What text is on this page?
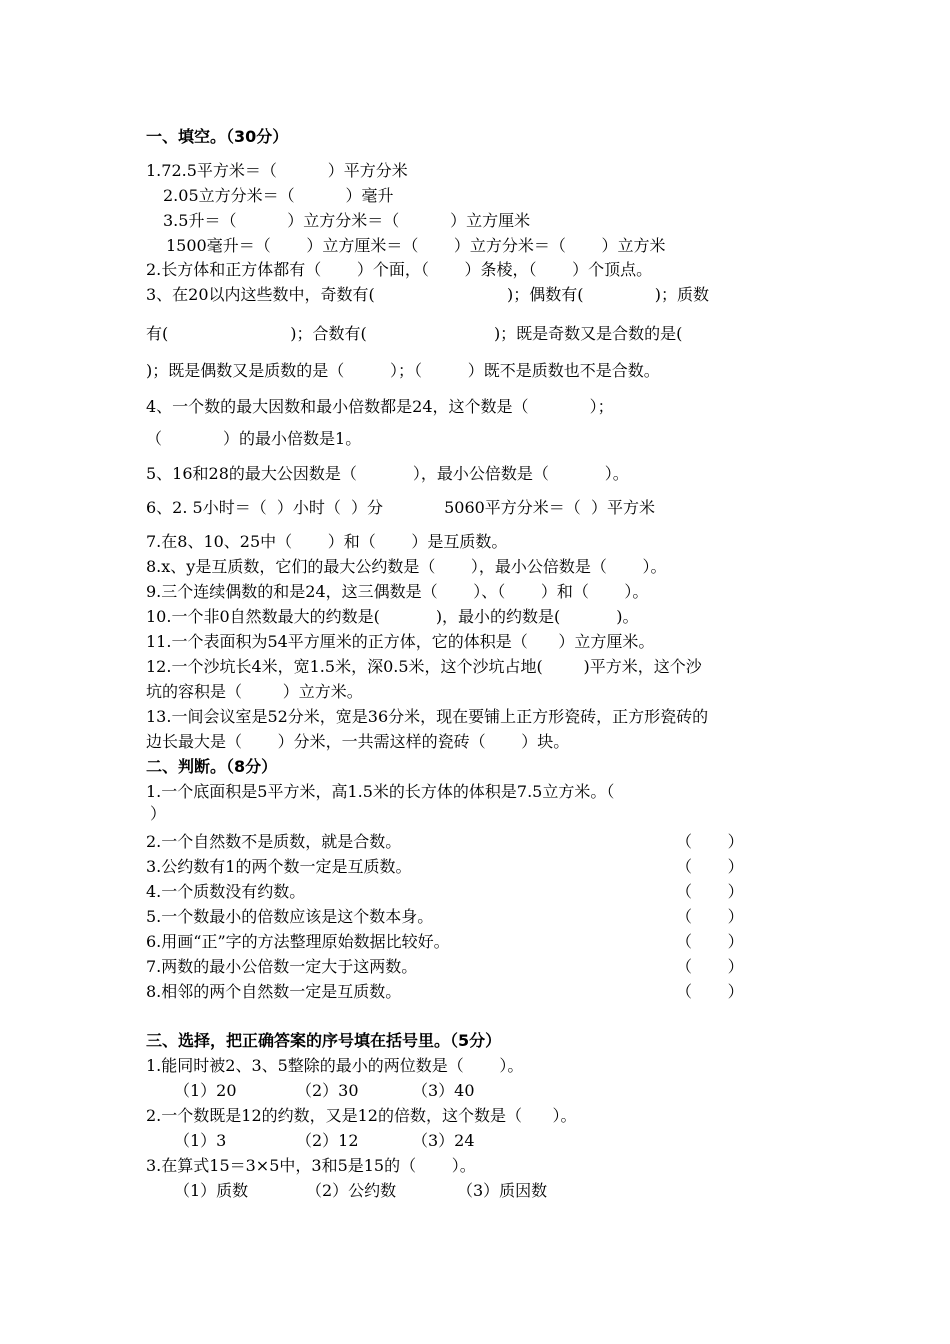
一、填空。（30分）
1.72.5平方米＝（          ）平方分米
2.05立方分米＝（          ）毫升
3.5升＝（          ）立方分米＝（          ）立方厘米
1500毫升＝（       ）立方厘米＝（       ）立方分米＝（       ）立方米
2.长方体和正方体都有（       ）个面，（       ）条棱，（       ）个顶点。
3、在20以内这些数中，奇数有(                          )；偶数有(              )；质数
有(                        )；合数有(                         )；既是奇数又是合数的是(
)；既是偶数又是质数的是（         ）；（         ）既不是质数也不是合数。
4、一个数的最大因数和最小倍数都是24，这个数是（            ）；
（            ）的最小倍数是1。
5、16和28的最大公因数是（           ），最小公倍数是（           ）。
6、2. 5小时＝（  ）小时（  ）分            5060平方分米＝（  ）平方米
7.在8、10、25中（       ）和（       ）是互质数。
8.x、y是互质数，它们的最大公约数是（       ），最小公倍数是（       ）。
9.三个连续偶数的和是24，这三偶数是（       ）、（       ）和（       ）。
10.一个非0自然数最大的约数是(           )，最小的约数是(           )。
11.一个表面积为54平方厘米的正方体，它的体积是（      ）立方厘米。
12.一个沙坑长4米，宽1.5米，深0.5米，这个沙坑占地(        )平方米，这个沙
坑的容积是（        ）立方米。
13.一间会议室是52分米，宽是36分米，现在要铺上正方形瓷砖，正方形瓷砖的
边长最大是（       ）分米，一共需这样的瓷砖（       ）块。
二、判断。（8分）
1.一个底面积是5平方米，高1.5米的长方体的体积是7.5立方米。（
）
2.一个自然数不是质数，就是合数。	（       ）
3.公约数有1的两个数一定是互质数。	（       ）
4.一个质数没有约数。	（       ）
5.一个数最小的倍数应该是这个数本身。	（       ）
6.用画“正”字的方法整理原始数据比较好。	（       ）
7.两数的最小公倍数一定大于这两数。	（       ）
8.相邻的两个自然数一定是互质数。	（       ）
三、选择，把正确答案的序号填在括号里。（5分）
1.能同时被2、3、5整除的最小的两位数是（       ）。
（1）20	（2）30	（3）40
2.一个数既是12的约数，又是12的倍数，这个数是（      ）。
（1）3	（2）12	（3）24
3.在算式15＝3×5中，3和5是15的（       ）。
（1）质数	（2）公约数	（3）质因数
